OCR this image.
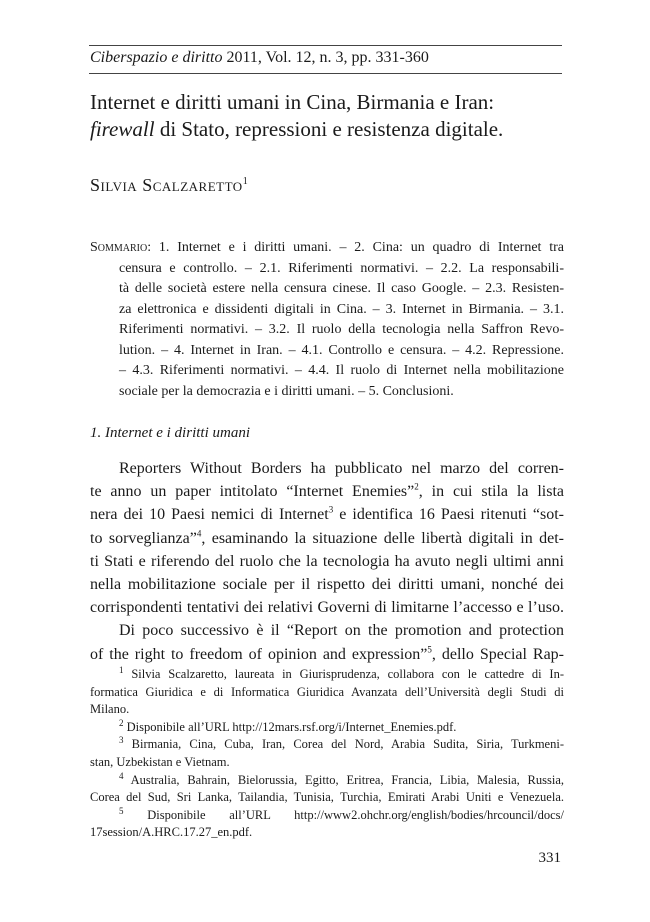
Ciberspazio e diritto 2011, Vol. 12, n. 3, pp. 331-360
Internet e diritti umani in Cina, Birmania e Iran:
firewall di Stato, repressioni e resistenza digitale.
Silvia Scalzaretto$^1$
Sommario: 1. Internet e i diritti umani. – 2. Cina: un quadro di Internet tra
censura e controllo. – 2.1. Riferimenti normativi. – 2.2. La responsabili-
tà delle società estere nella censura cinese. Il caso Google. – 2.3. Resisten-
za elettronica e dissidenti digitali in Cina. – 3. Internet in Birmania. – 3.1.
Riferimenti normativi. – 3.2. Il ruolo della tecnologia nella Saffron Revo-
lution. – 4. Internet in Iran. – 4.1. Controllo e censura. – 4.2. Repressione.
– 4.3. Riferimenti normativi. – 4.4. Il ruolo di Internet nella mobilitazione
sociale per la democrazia e i diritti umani. – 5. Conclusioni.
1. Internet e i diritti umani
Reporters Without Borders ha pubblicato nel marzo del corren-
te anno un paper intitolato “Internet Enemies”$^2$, in cui stila la lista
nera dei 10 Paesi nemici di Internet$^3$ e identifica 16 Paesi ritenuti “sot-
to sorveglianza”$^4$, esaminando la situazione delle libertà digitali in det-
ti Stati e riferendo del ruolo che la tecnologia ha avuto negli ultimi anni
nella mobilitazione sociale per il rispetto dei diritti umani, nonché dei
corrispondenti tentativi dei relativi Governi di limitarne l’accesso e l’uso.
Di poco successivo è il “Report on the promotion and protection
of the right to freedom of opinion and expression”$^5$, dello Special Rap-
$^1$ Silvia Scalzaretto, laureata in Giurisprudenza, collabora con le cattedre di In-
formatica Giuridica e di Informatica Giuridica Avanzata dell’Università degli Studi di
Milano.
$^2$ Disponibile all’URL http://12mars.rsf.org/i/Internet_Enemies.pdf.
$^3$ Birmania, Cina, Cuba, Iran, Corea del Nord, Arabia Sudita, Siria, Turkmeni-
stan, Uzbekistan e Vietnam.
$^4$ Australia, Bahrain, Bielorussia, Egitto, Eritrea, Francia, Libia, Malesia, Russia,
Corea del Sud, Sri Lanka, Tailandia, Tunisia, Turchia, Emirati Arabi Uniti e Venezuela.
$^5$ Disponibile all’URL http://www2.ohchr.org/english/bodies/hrcouncil/docs/
17session/A.HRC.17.27_en.pdf.
331
